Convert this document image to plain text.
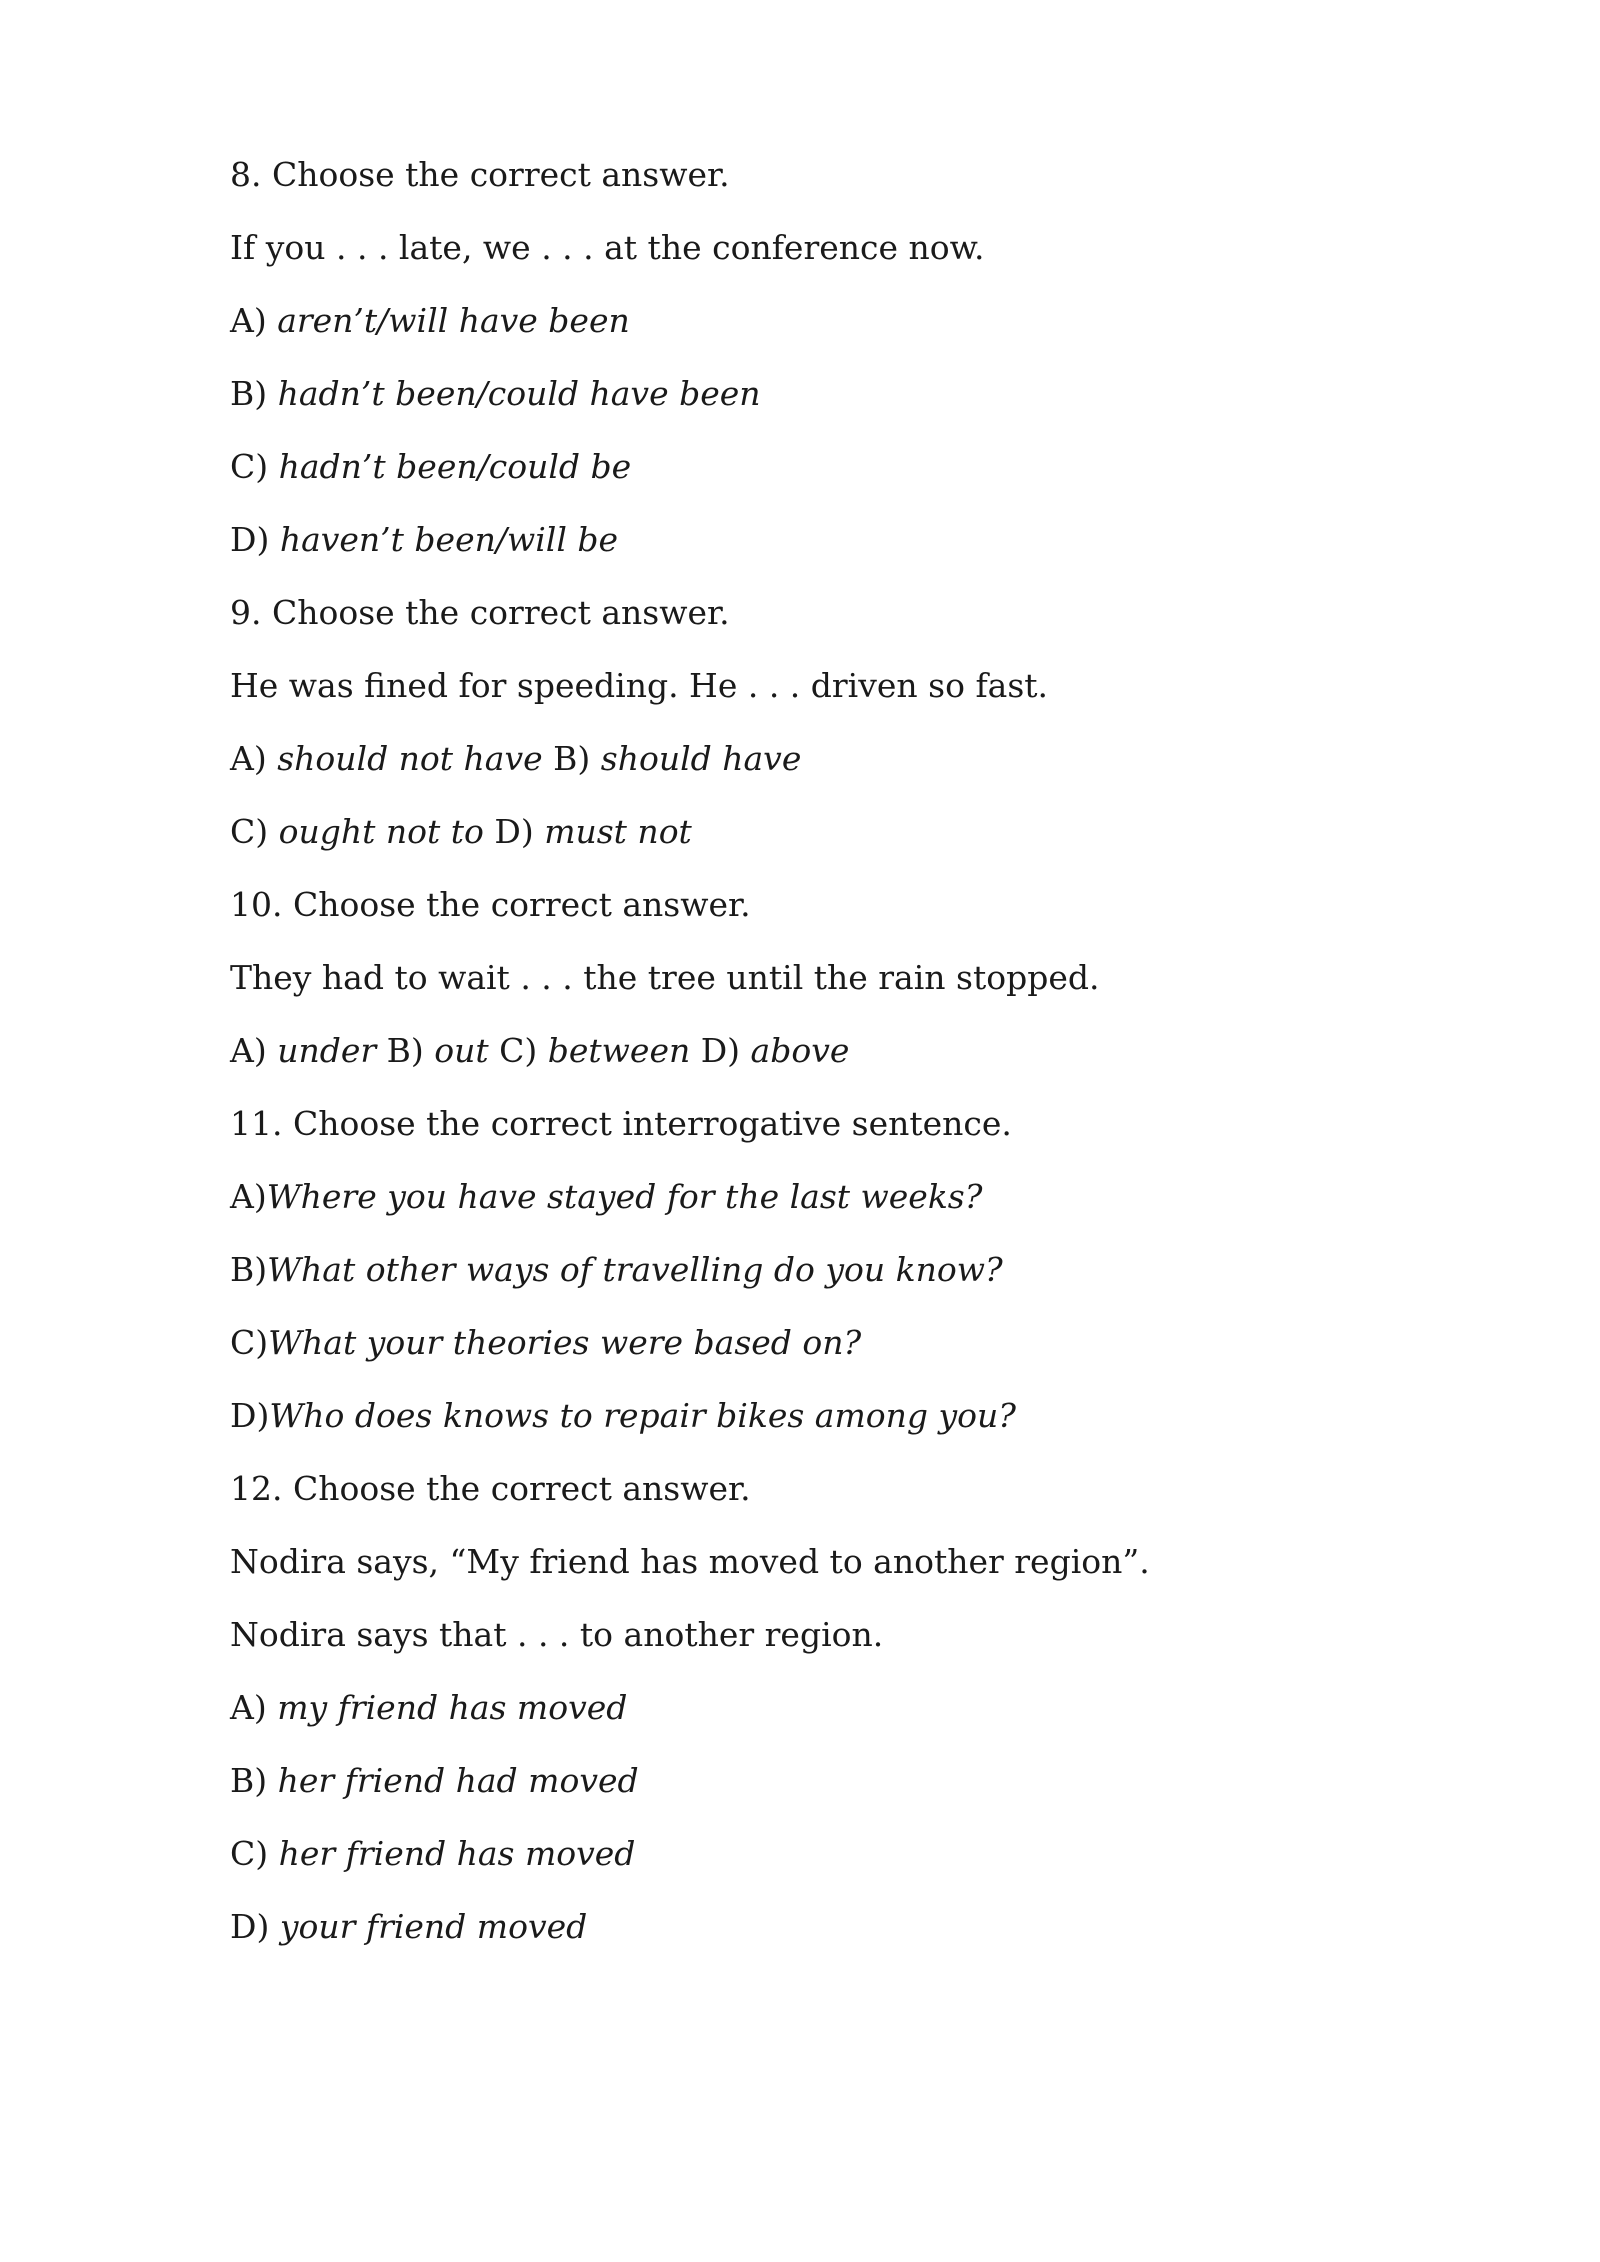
8. Choose the correct answer.
If you . . . late, we . . . at the conference now.
A) aren’t/will have been
B) hadn’t been/could have been
C) hadn’t been/could be
D) haven’t been/will be
9. Choose the correct answer.
He was fined for speeding. He . . . driven so fast.
A) should not have B) should have
C) ought not to D) must not
10. Choose the correct answer.
They had to wait . . . the tree until the rain stopped.
A) under B) out C) between D) above
11. Choose the correct interrogative sentence.
A)Where you have stayed for the last weeks?
B)What other ways of travelling do you know?
C)What your theories were based on?
D)Who does knows to repair bikes among you?
12. Choose the correct answer.
Nodira says, “My friend has moved to another region”.
Nodira says that . . . to another region.
A) my friend has moved
B) her friend had moved
C) her friend has moved
D) your friend moved
